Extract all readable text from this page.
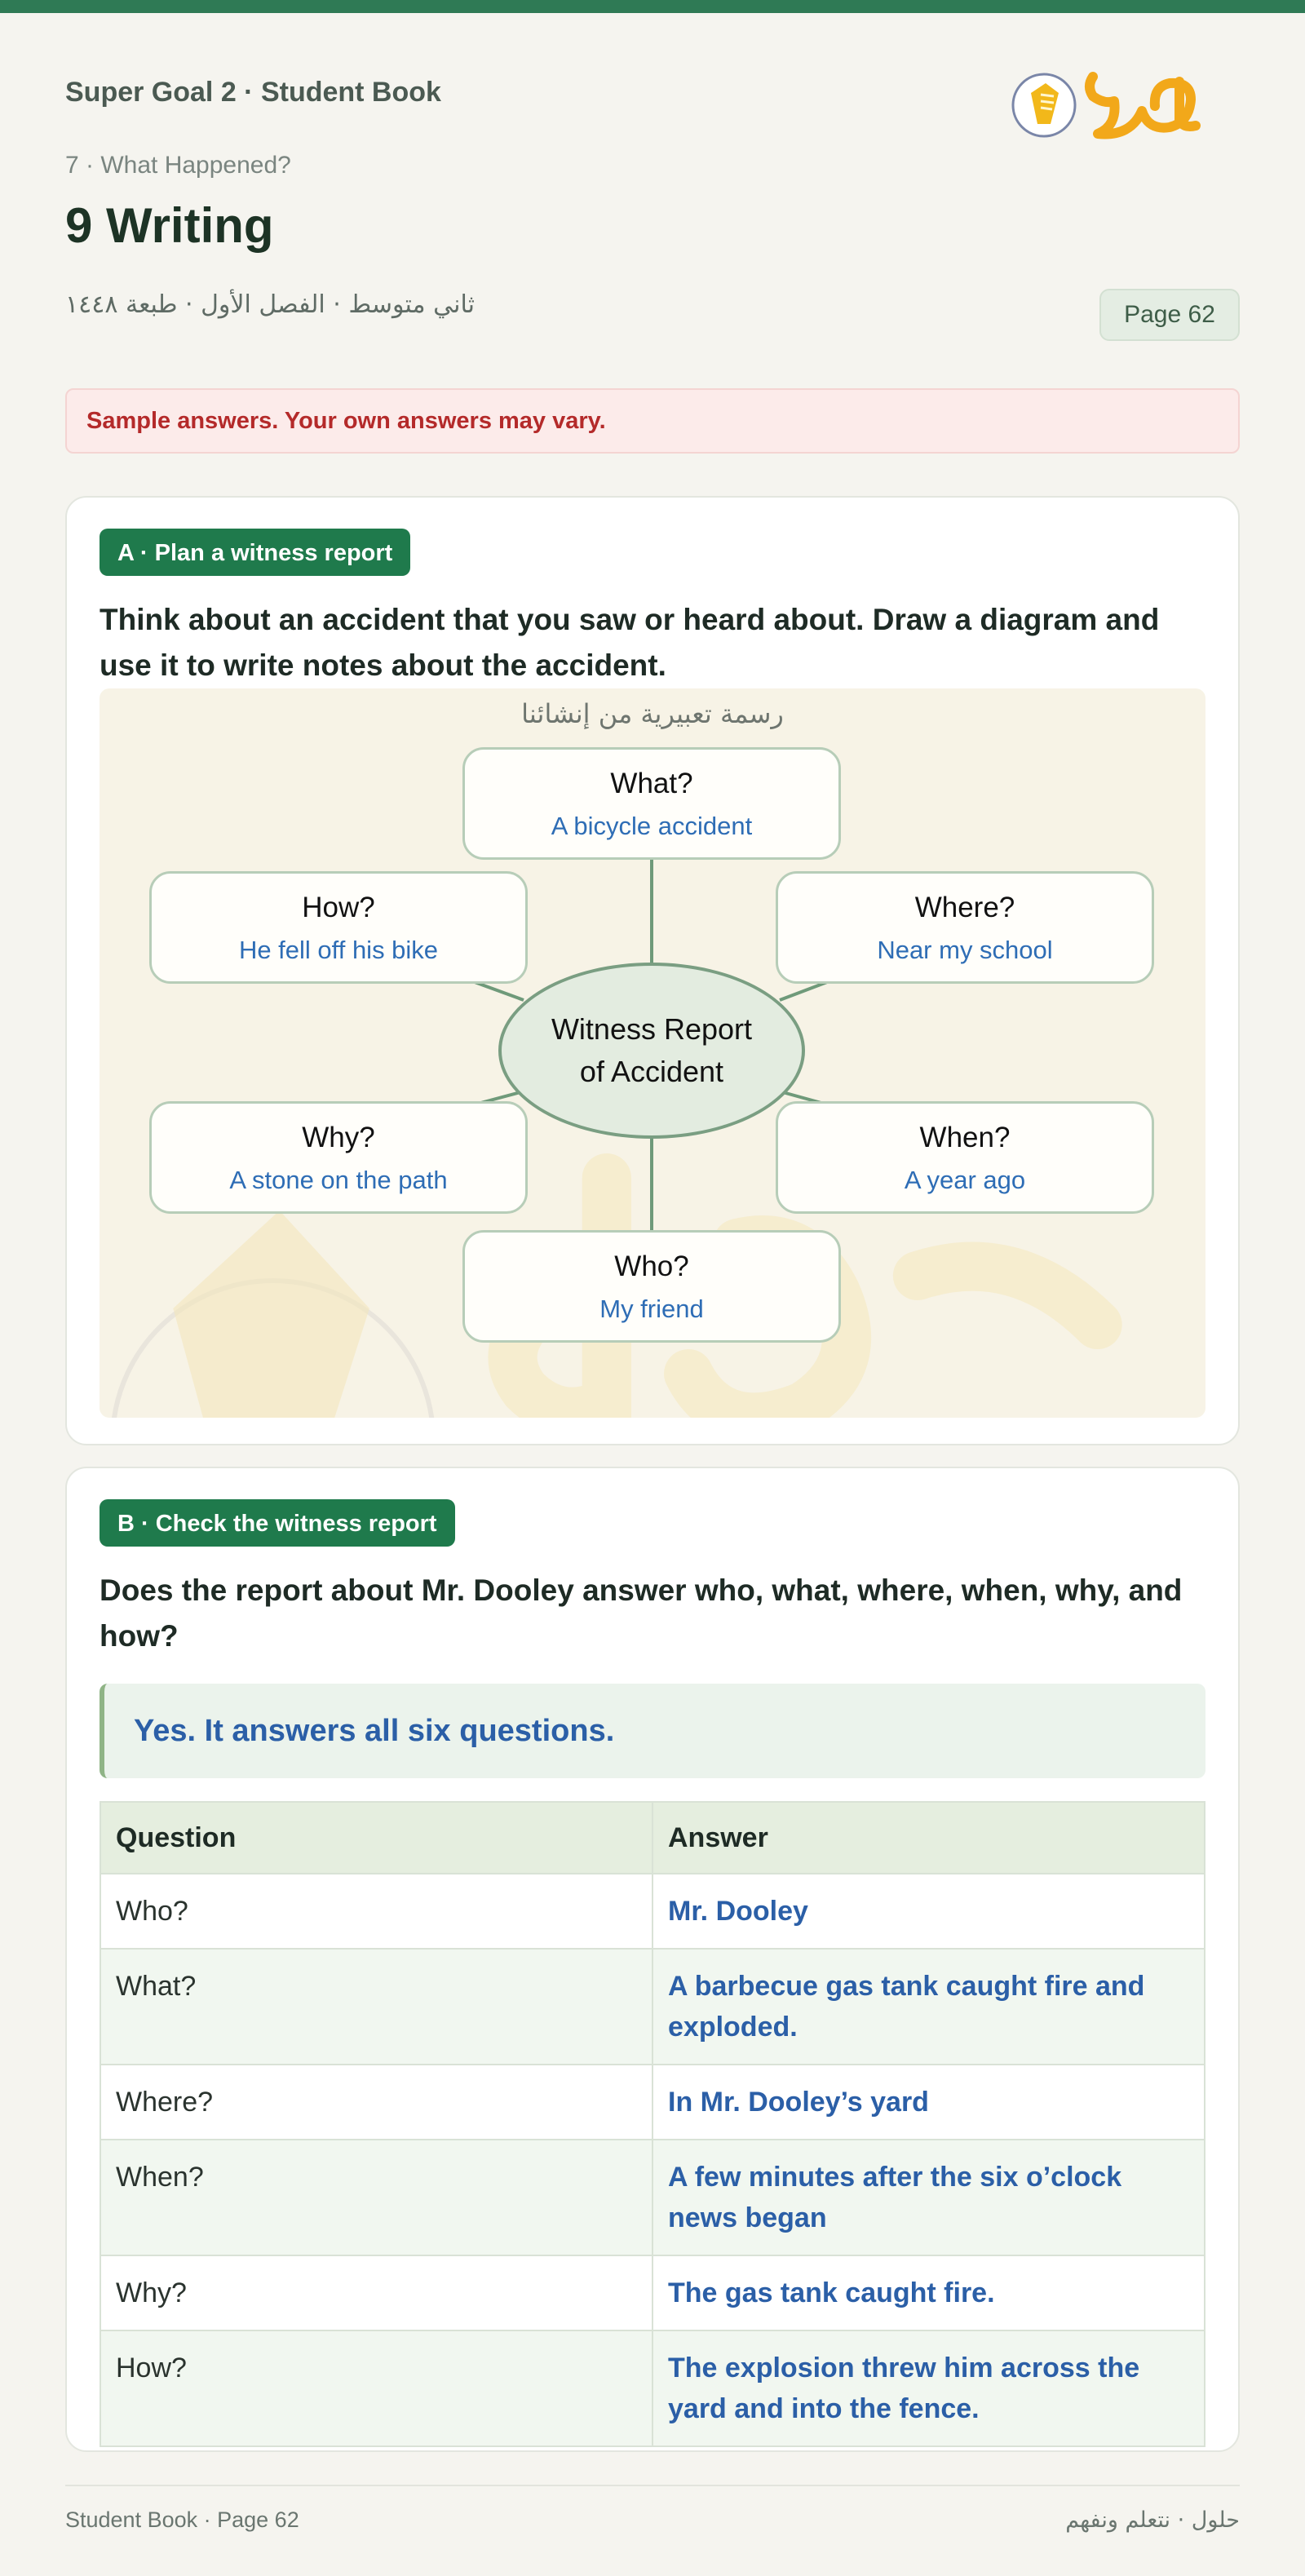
Super Goal 2 · Student Book
7 · What Happened?
9 Writing
ثاني متوسط · الفصل الأول · طبعة ١٤٤٨	Page 62
Sample answers. Your own answers may vary.
A · Plan a witness report

Think about an accident that you saw or heard about. Draw a diagram and use it to write notes about the accident.

رسمة تعبيرية من إنشائنا
What?
A bicycle accident
How?
He fell off his bike
Where?
Near my school
Why?
A stone on the path
When?
A year ago
Who?
My friend
Witness Report
of Accident
B · Check the witness report

Does the report about Mr. Dooley answer who, what, where, when, why, and how?

Yes. It answers all six questions.
Question	Answer
Who?	Mr. Dooley
What?	A barbecue gas tank caught fire and exploded.
Where?	In Mr. Dooley’s yard
When?	A few minutes after the six o’clock news began
Why?	The gas tank caught fire.
How?	The explosion threw him across the yard and into the fence.
Student Book · Page 62	حلول · نتعلم ونفهم
